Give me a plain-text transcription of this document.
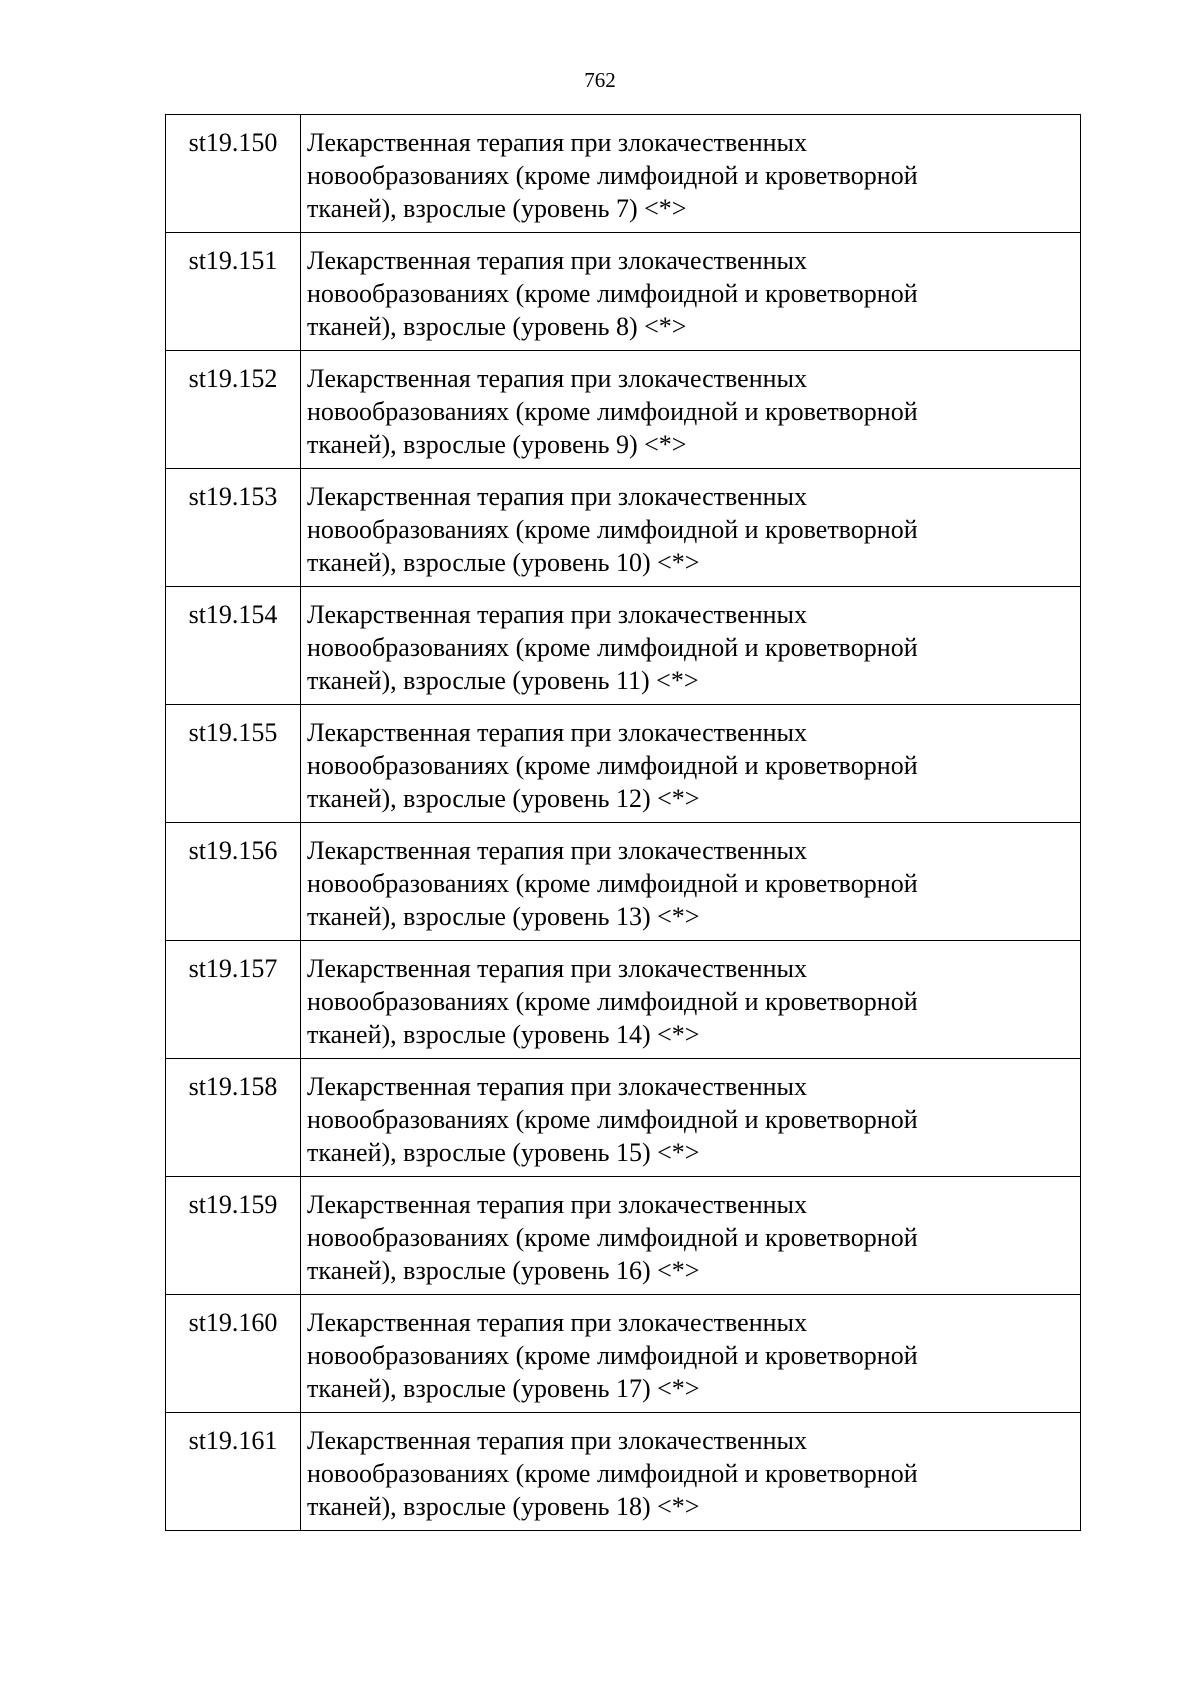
762
st19.150	Лекарственная терапия при злокачественных
новообразованиях (кроме лимфоидной и кроветворной
тканей), взрослые (уровень 7) <*>

st19.151	Лекарственная терапия при злокачественных
новообразованиях (кроме лимфоидной и кроветворной
тканей), взрослые (уровень 8) <*>

st19.152	Лекарственная терапия при злокачественных
новообразованиях (кроме лимфоидной и кроветворной
тканей), взрослые (уровень 9) <*>

st19.153	Лекарственная терапия при злокачественных
новообразованиях (кроме лимфоидной и кроветворной
тканей), взрослые (уровень 10) <*>

st19.154	Лекарственная терапия при злокачественных
новообразованиях (кроме лимфоидной и кроветворной
тканей), взрослые (уровень 11) <*>

st19.155	Лекарственная терапия при злокачественных
новообразованиях (кроме лимфоидной и кроветворной
тканей), взрослые (уровень 12) <*>

st19.156	Лекарственная терапия при злокачественных
новообразованиях (кроме лимфоидной и кроветворной
тканей), взрослые (уровень 13) <*>

st19.157	Лекарственная терапия при злокачественных
новообразованиях (кроме лимфоидной и кроветворной
тканей), взрослые (уровень 14) <*>

st19.158	Лекарственная терапия при злокачественных
новообразованиях (кроме лимфоидной и кроветворной
тканей), взрослые (уровень 15) <*>

st19.159	Лекарственная терапия при злокачественных
новообразованиях (кроме лимфоидной и кроветворной
тканей), взрослые (уровень 16) <*>

st19.160	Лекарственная терапия при злокачественных
новообразованиях (кроме лимфоидной и кроветворной
тканей), взрослые (уровень 17) <*>

st19.161	Лекарственная терапия при злокачественных
новообразованиях (кроме лимфоидной и кроветворной
тканей), взрослые (уровень 18) <*>
